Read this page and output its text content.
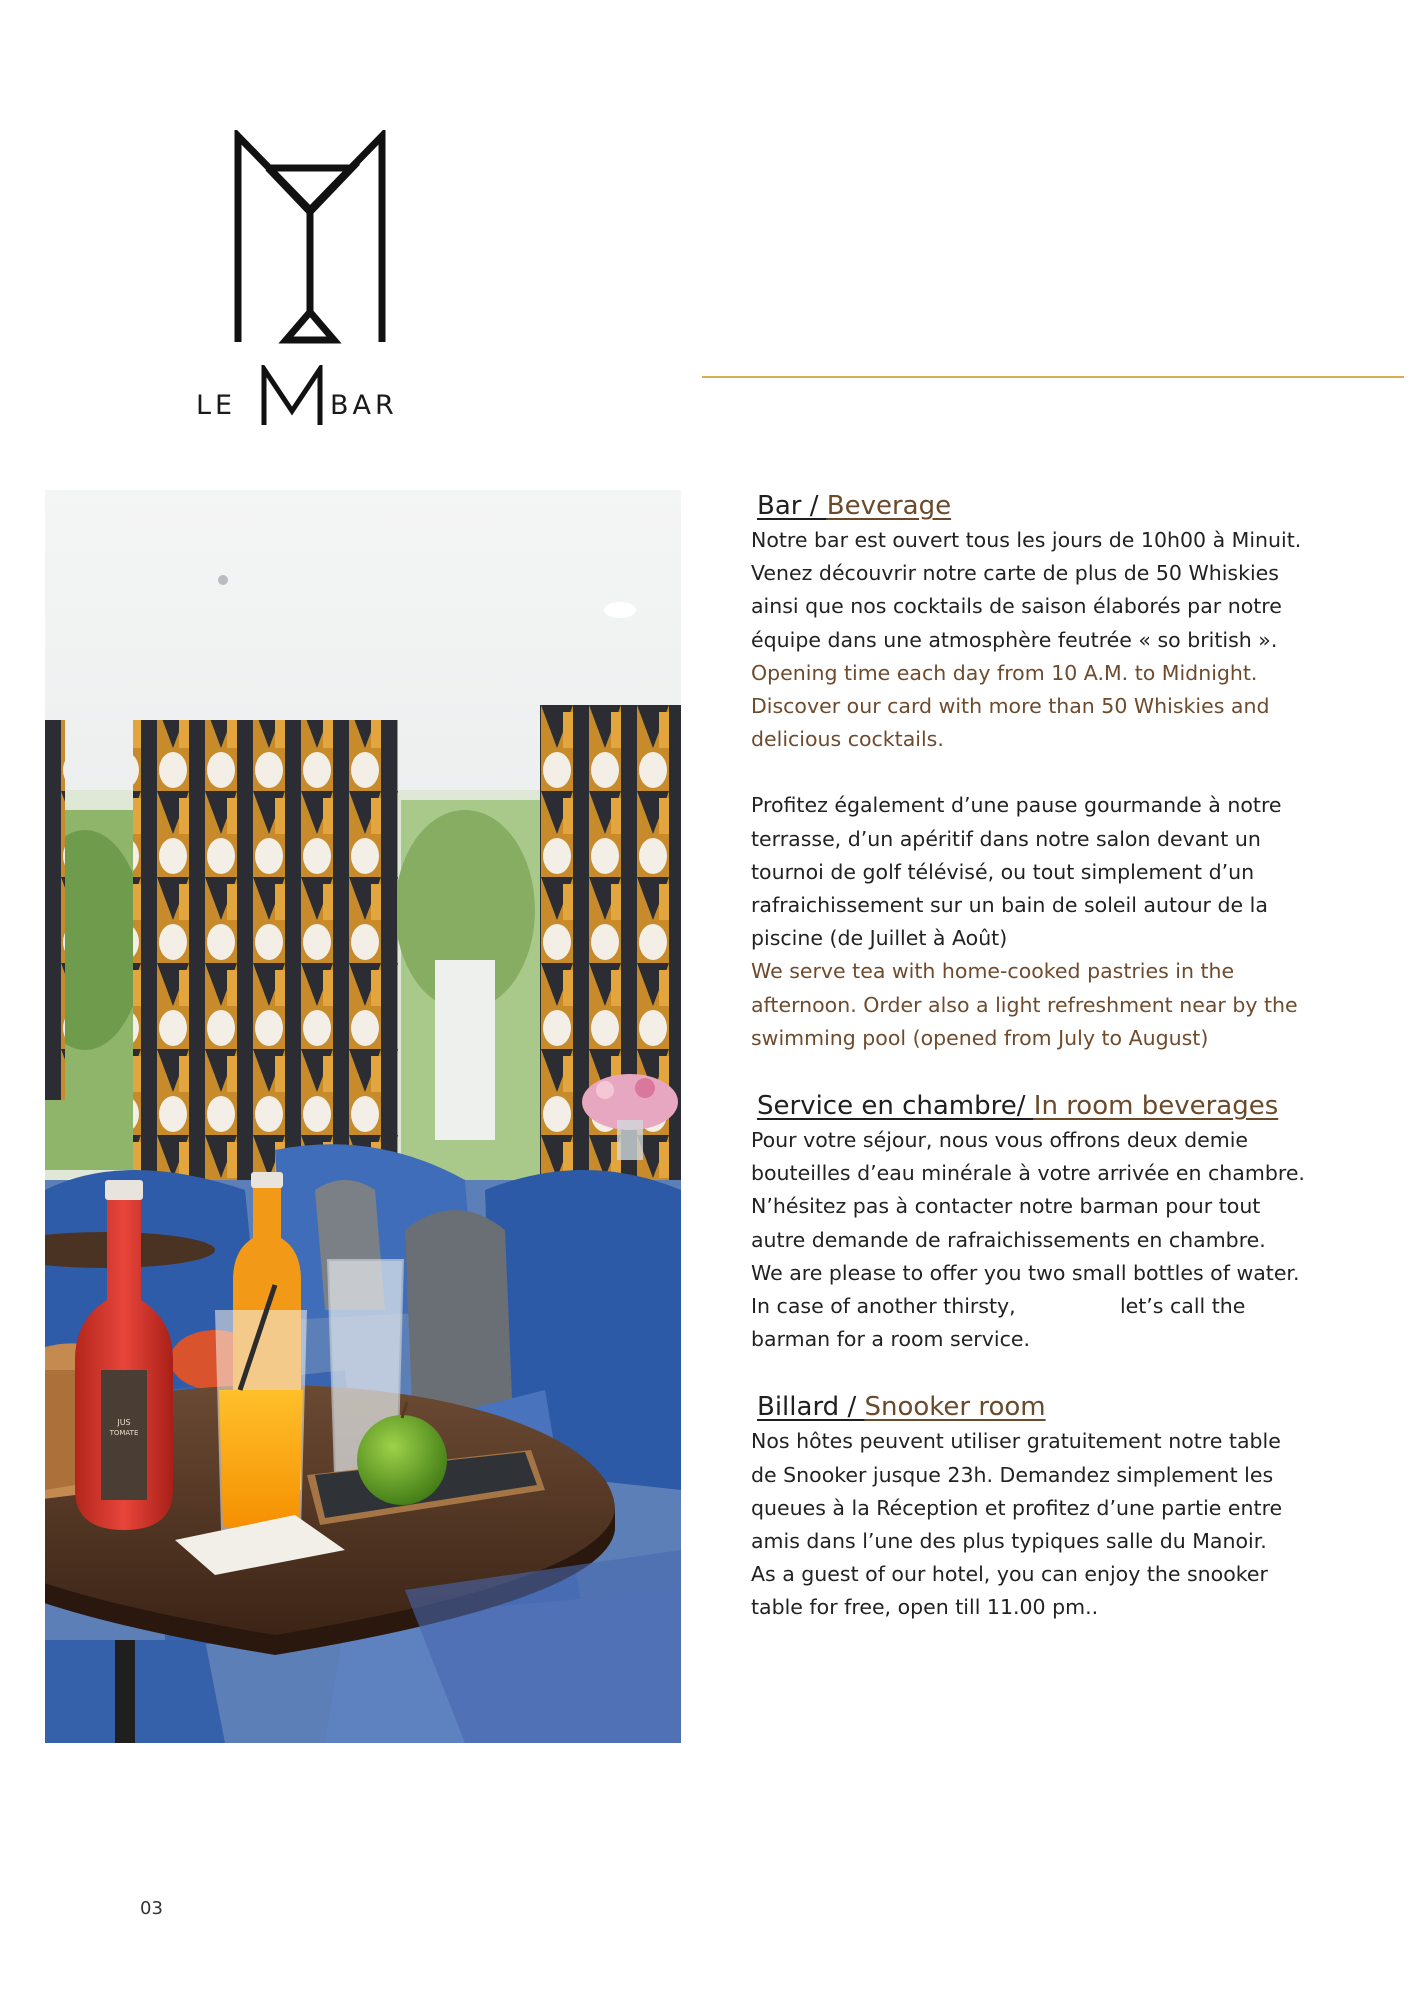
LE	BAR
JUS
TOMATE
Bar / Beverage

Notre bar est ouvert tous les jours de 10h00 à Minuit. Venez découvrir notre carte de plus de 50 Whiskies ainsi que nos cocktails de saison élaborés par notre équipe dans une atmosphère feutrée « so british ».

Opening time each day from 10 A.M. to Midnight. Discover our card with more than 50 Whiskies and delicious cocktails.

Profitez également d’une pause gourmande à notre terrasse, d’un apéritif dans notre salon devant un tournoi de golf télévisé, ou tout simplement d’un rafraichissement sur un bain de soleil autour de la piscine (de Juillet à Août)

We serve tea with home-cooked pastries in the afternoon. Order also a light refreshment near by the swimming pool (opened from July to August)

Service en chambre/ In room beverages

Pour votre séjour, nous vous offrons deux demie bouteilles d’eau minérale à votre arrivée en chambre. N’hésitez pas à contacter notre barman pour tout autre demande de rafraichissements en chambre.

We are please to offer you two small bottles of water. In case of another thirsty,                let’s call the barman for a room service.

Billard / Snooker room

Nos hôtes peuvent utiliser gratuitement notre table de Snooker jusque 23h. Demandez simplement les queues à la Réception et profitez d’une partie entre amis dans l’une des plus typiques salle du Manoir.

As a guest of our hotel, you can enjoy the snooker table for free, open till 11.00 pm..

03
